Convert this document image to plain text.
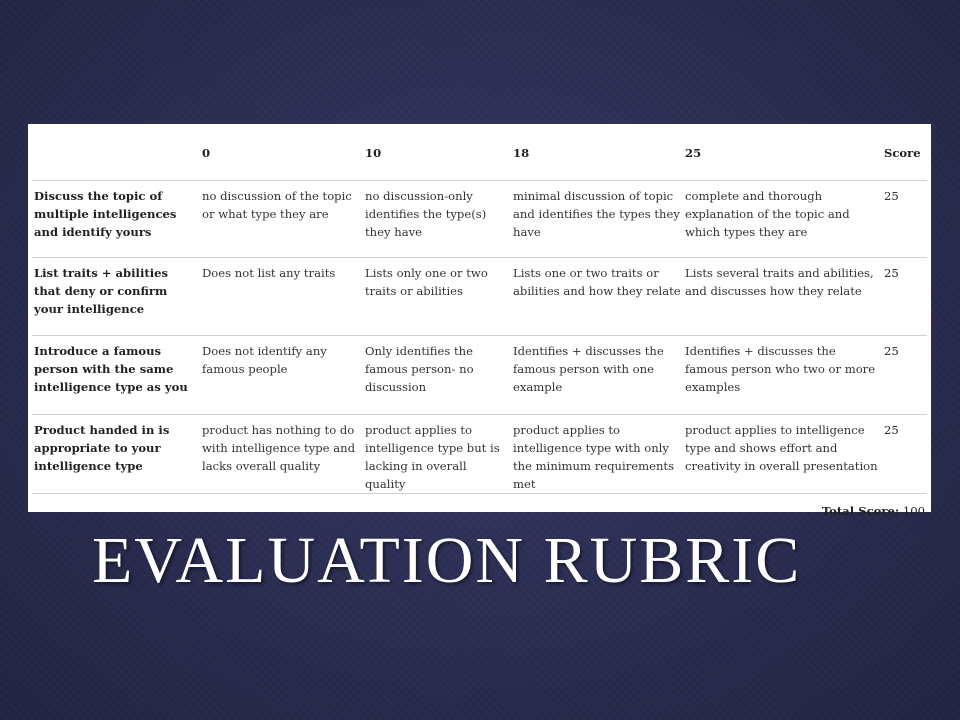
	0	10	18	25	Score
Discuss the topic of multiple intelligences and identify yours	no discussion of the topic or what type they are	no discussion-only identifies the type(s) they have	minimal discussion of topic and identifies the types they have	complete and thorough explanation of the topic and which types they are	25
List traits + abilities that deny or confirm your intelligence	Does not list any traits	Lists only one or two traits or abilities	Lists one or two traits or abilities and how they relate	Lists several traits and abilities, and discusses how they relate	25
Introduce a famous person with the same intelligence type as you	Does not identify any famous people	Only identifies the famous person- no discussion	Identifies + discusses the famous person with one example	Identifies + discusses the famous person who two or more examples	25
Product handed in is appropriate to your intelligence type	product has nothing to do with intelligence type and lacks overall quality	product applies to intelligence type but is lacking in overall quality	product applies to intelligence type with only the minimum requirements met	product applies to intelligence type and shows effort and creativity in overall presentation	25
Total Score: 100
EVALUATION RUBRIC
